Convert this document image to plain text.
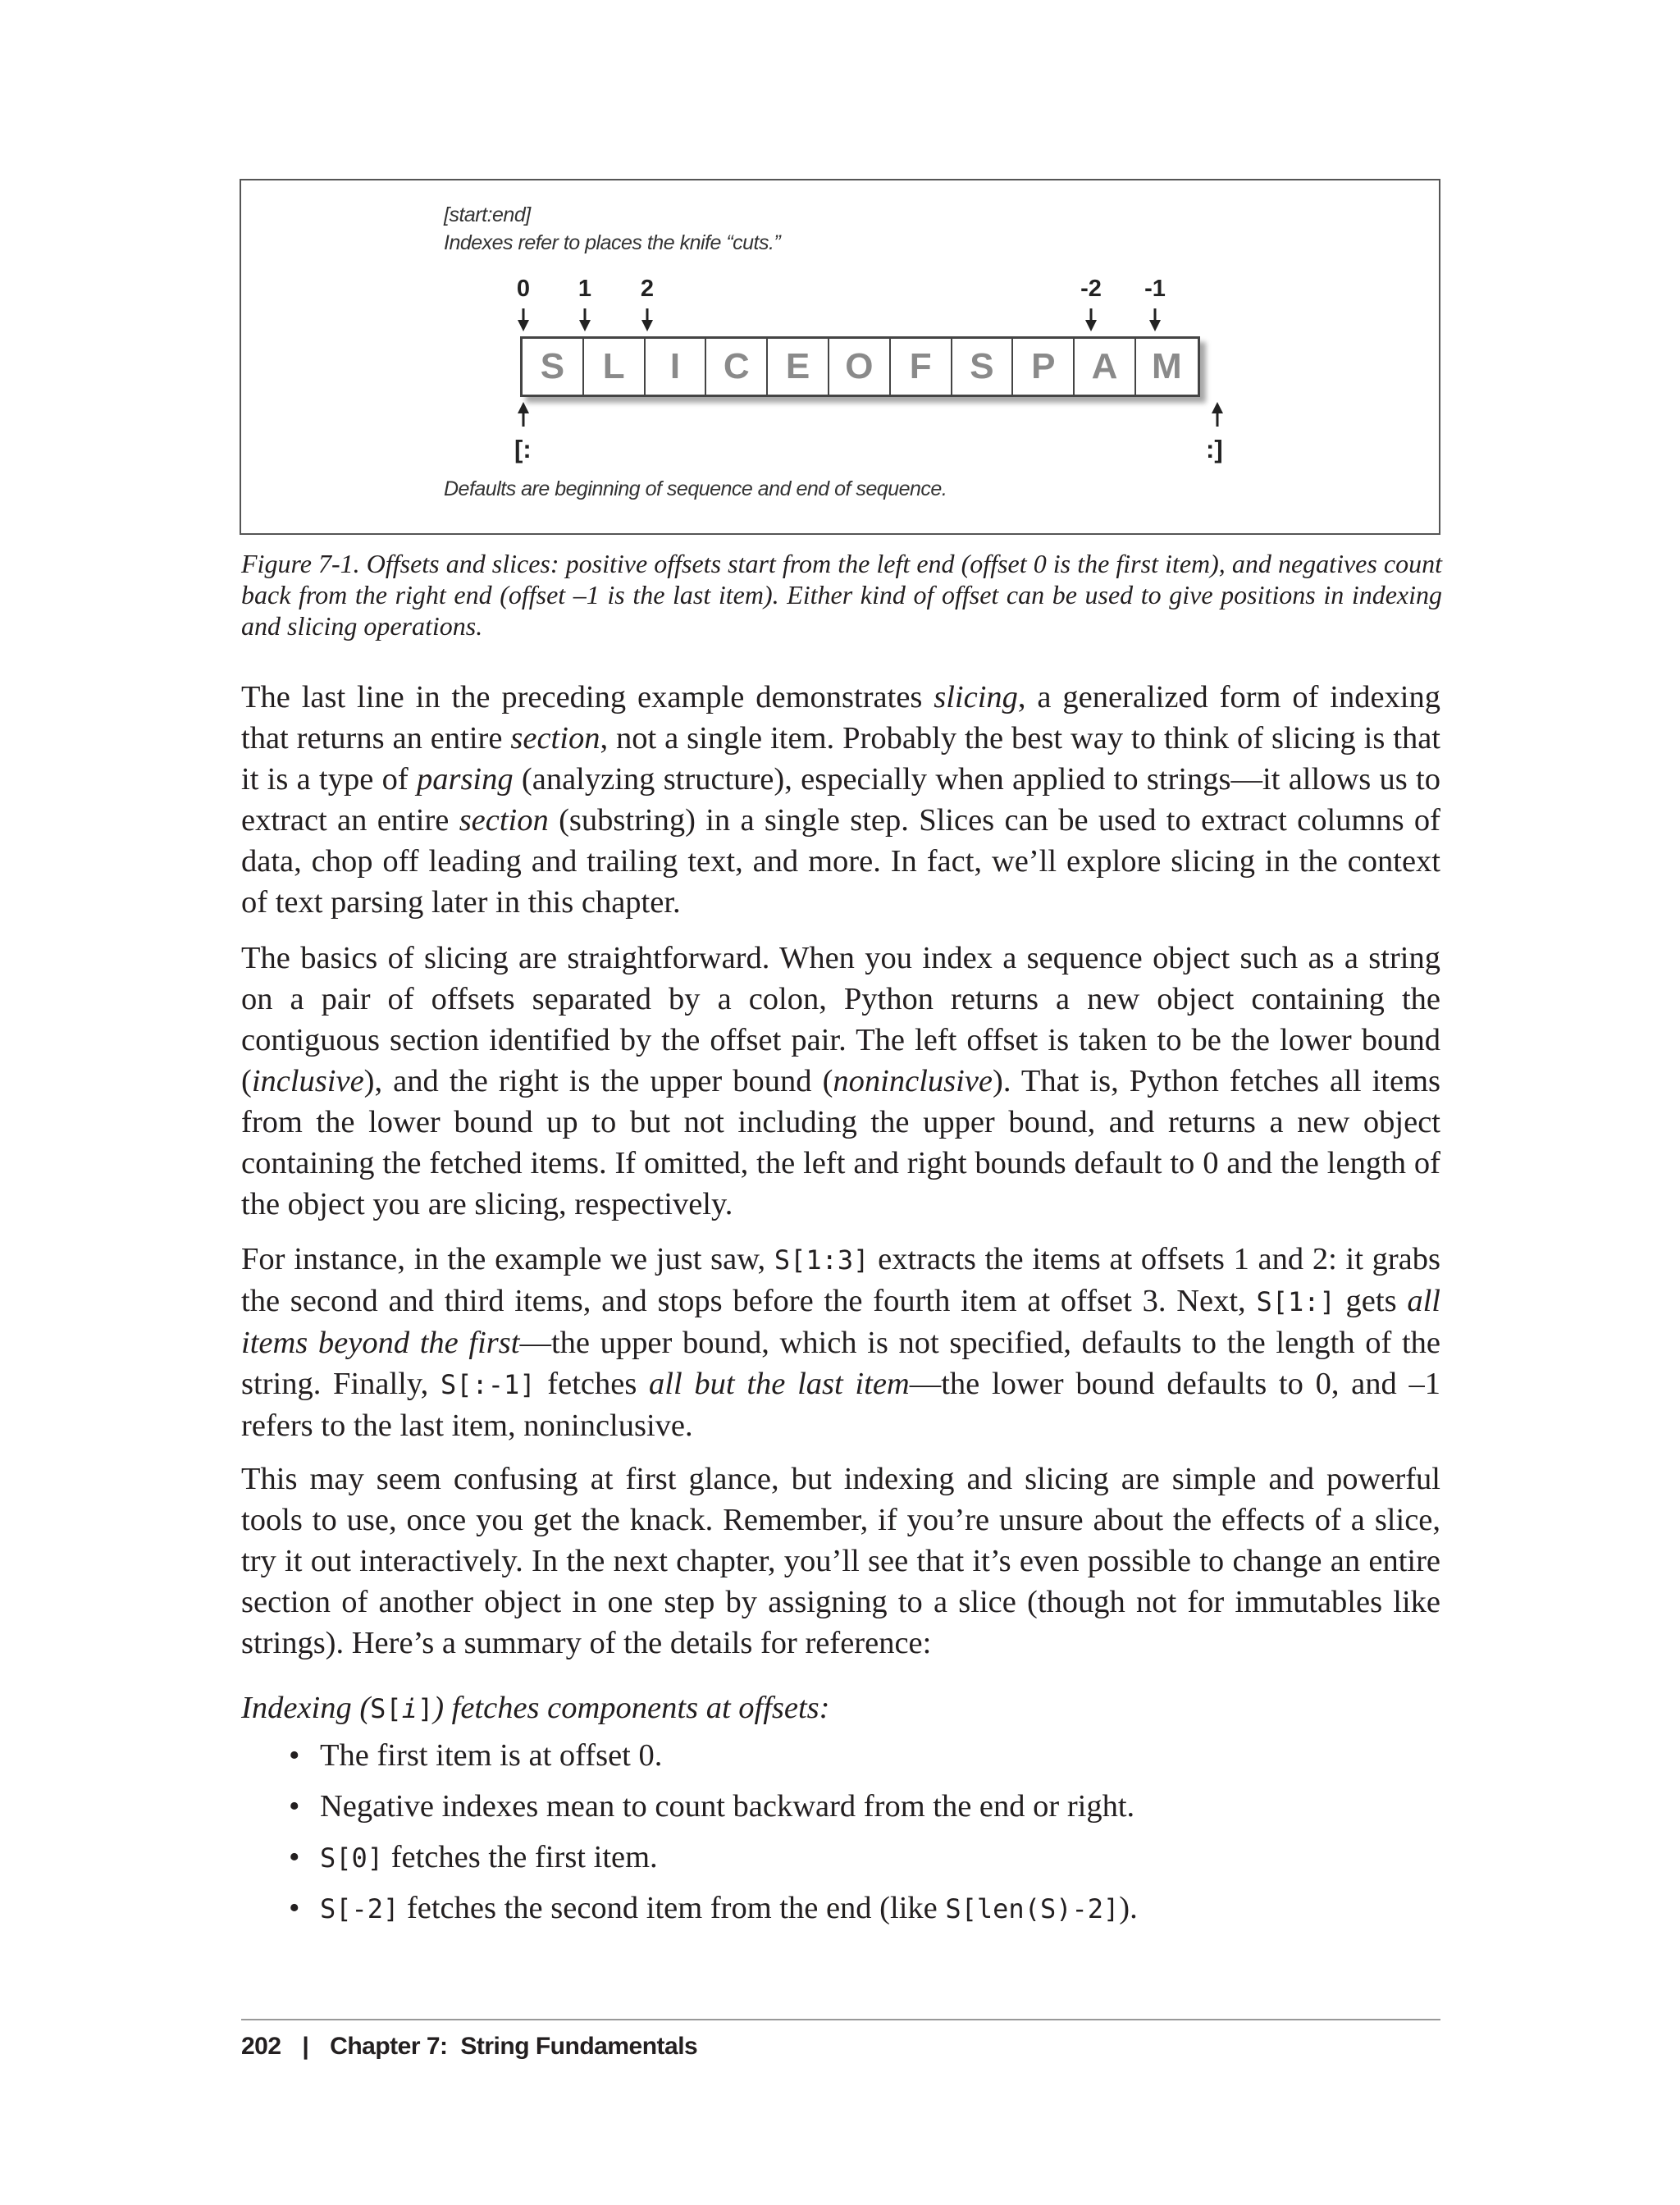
[start:end]
Indexes refer to places the knife “cuts.”
0 1 2	-2 -1
S	L	I	C	E O	F	S	P	A M
[:	:]
Defaults are beginning of sequence and end of sequence.
Figure 7-1. Offsets and slices: positive offsets start from the left end (offset 0 is the first item), and negatives count back from the right end (offset –1 is the last item). Either kind of offset can be used to give positions in indexing and slicing operations.
The last line in the preceding example demonstrates slicing, a generalized form of indexing that returns an entire section, not a single item. Probably the best way to think of slicing is that it is a type of parsing (analyzing structure), especially when applied to strings—it allows us to extract an entire section (substring) in a single step. Slices can be used to extract columns of data, chop off leading and trailing text, and more. In fact, we’ll explore slicing in the context of text parsing later in this chapter.
The basics of slicing are straightforward. When you index a sequence object such as a string on a pair of offsets separated by a colon, Python returns a new object containing the contiguous section identified by the offset pair. The left offset is taken to be the lower bound (inclusive), and the right is the upper bound (noninclusive). That is, Python fetches all items from the lower bound up to but not including the upper bound, and returns a new object containing the fetched items. If omitted, the left and right bounds default to 0 and the length of the object you are slicing, respectively.
For instance, in the example we just saw, S[1:3] extracts the items at offsets 1 and 2: it grabs the second and third items, and stops before the fourth item at offset 3. Next, S[1:] gets all items beyond the first—the upper bound, which is not specified, defaults to the length of the string. Finally, S[:-1] fetches all but the last item—the lower bound defaults to 0, and –1 refers to the last item, noninclusive.
This may seem confusing at first glance, but indexing and slicing are simple and powerful tools to use, once you get the knack. Remember, if you’re unsure about the effects of a slice, try it out interactively. In the next chapter, you’ll see that it’s even possible to change an entire section of another object in one step by assigning to a slice (though not for immutables like strings). Here’s a summary of the details for reference:
Indexing (S[i]) fetches components at offsets:
• The first item is at offset 0.
• Negative indexes mean to count backward from the end or right.
• S[0] fetches the first item.
• S[-2] fetches the second item from the end (like S[len(S)-2]).
202 | Chapter 7: String Fundamentals
